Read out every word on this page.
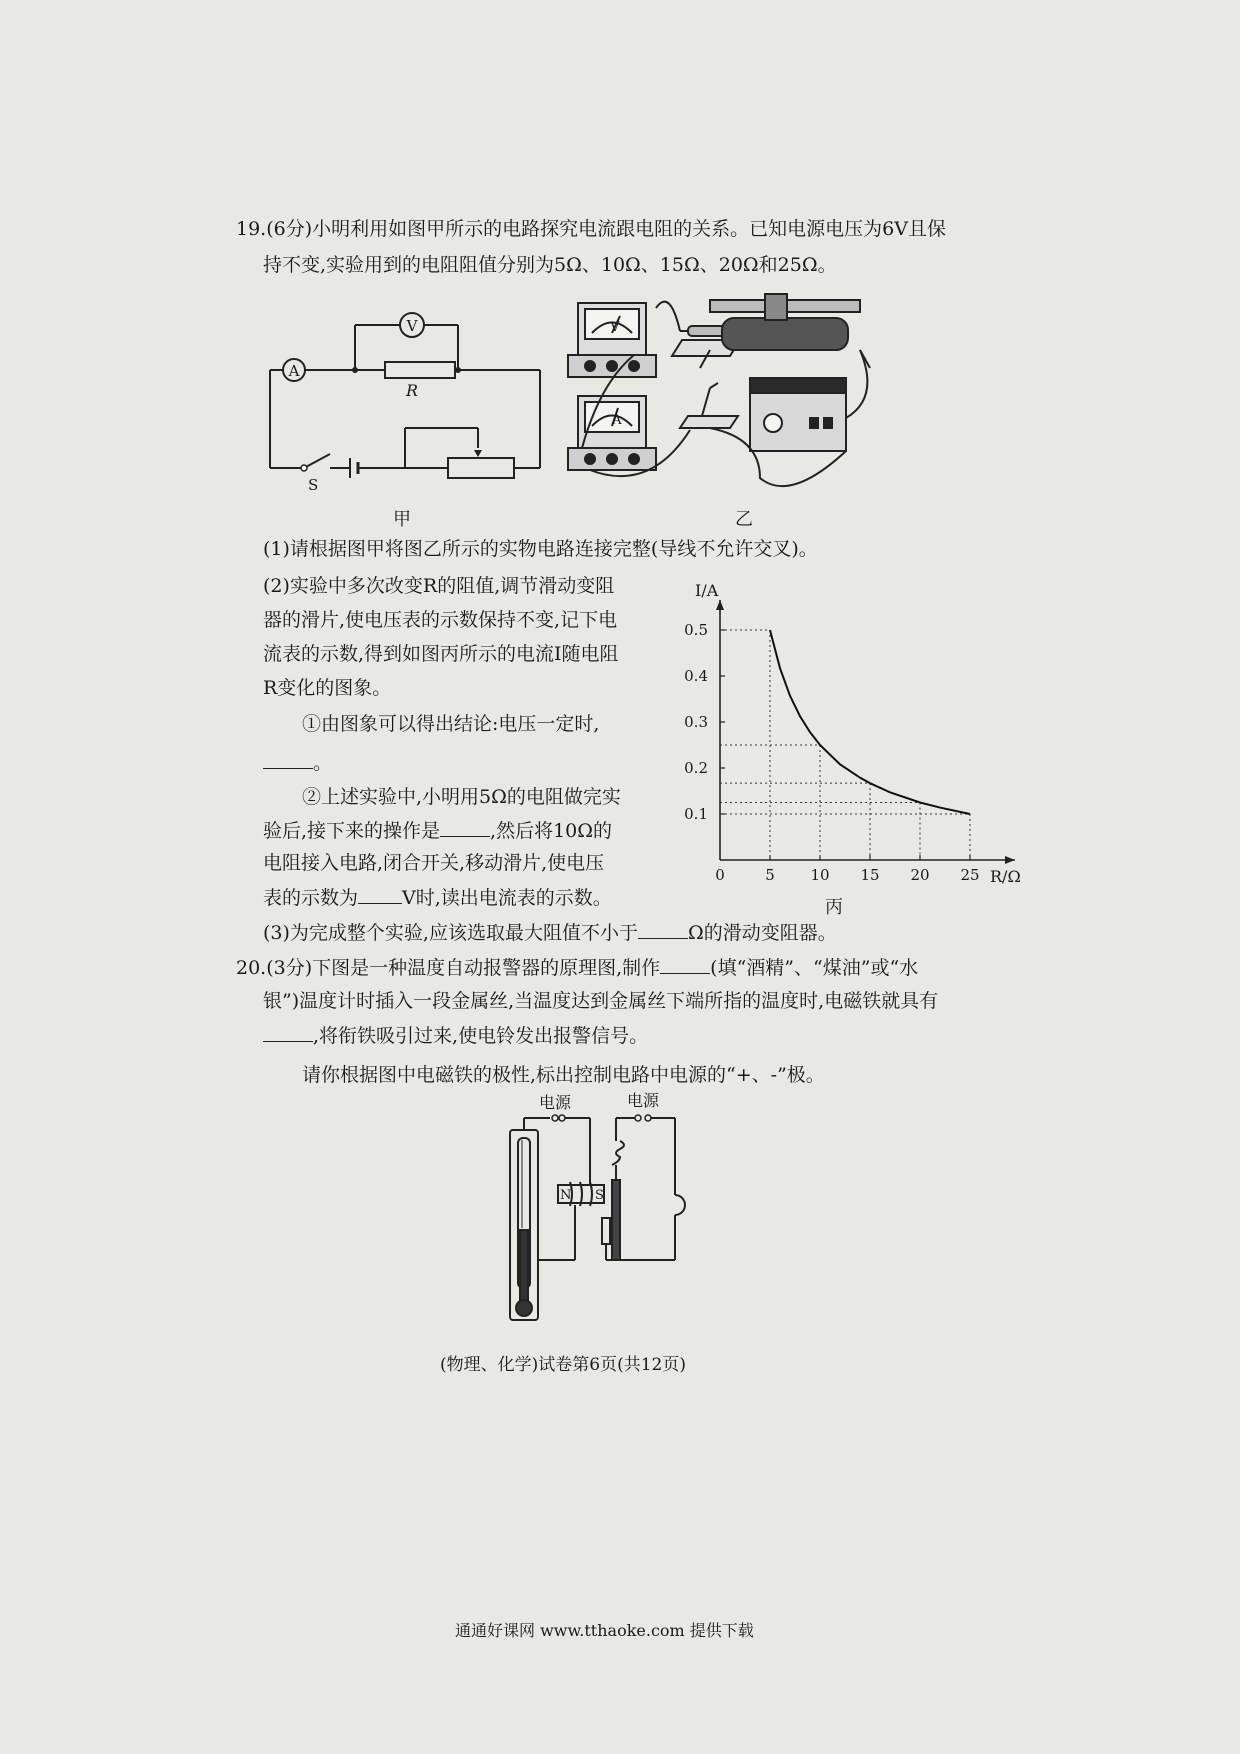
19.(6分)小明利用如图甲所示的电路探究电流跟电阻的关系。已知电源电压为6V且保
持不变,实验用到的电阻阻值分别为5Ω、10Ω、15Ω、20Ω和25Ω。
A
V
R
S
甲
V
A
乙
(1)请根据图甲将图乙所示的实物电路连接完整(导线不允许交叉)。
(2)实验中多次改变R的阻值,调节滑动变阻
器的滑片,使电压表的示数保持不变,记下电
流表的示数,得到如图丙所示的电流I随电阻
R变化的图象。
①由图象可以得出结论:电压一定时,
。
②上述实验中,小明用5Ω的电阻做完实
验后,接下来的操作是	,然后将10Ω的
电阻接入电路,闭合开关,移动滑片,使电压
表的示数为 V时,读出电流表的示数。
0	5 10 15 20 25
0.1
0.2
0.3
0.4
0.5
I/A
R/Ω
丙
(3)为完成整个实验,应该选取最大阻值不小于	Ω的滑动变阻器。
20.(3分)下图是一种温度自动报警器的原理图,制作	(填“酒精”、“煤油”或“水
银”)温度计时插入一段金属丝,当温度达到金属丝下端所指的温度时,电磁铁就具有
,将衔铁吸引过来,使电铃发出报警信号。
请你根据图中电磁铁的极性,标出控制电路中电源的“+、-”极。
电源	电源
N S
(物理、化学)试卷第6页(共12页)
通通好课网 www.tthaoke.com 提供下载
